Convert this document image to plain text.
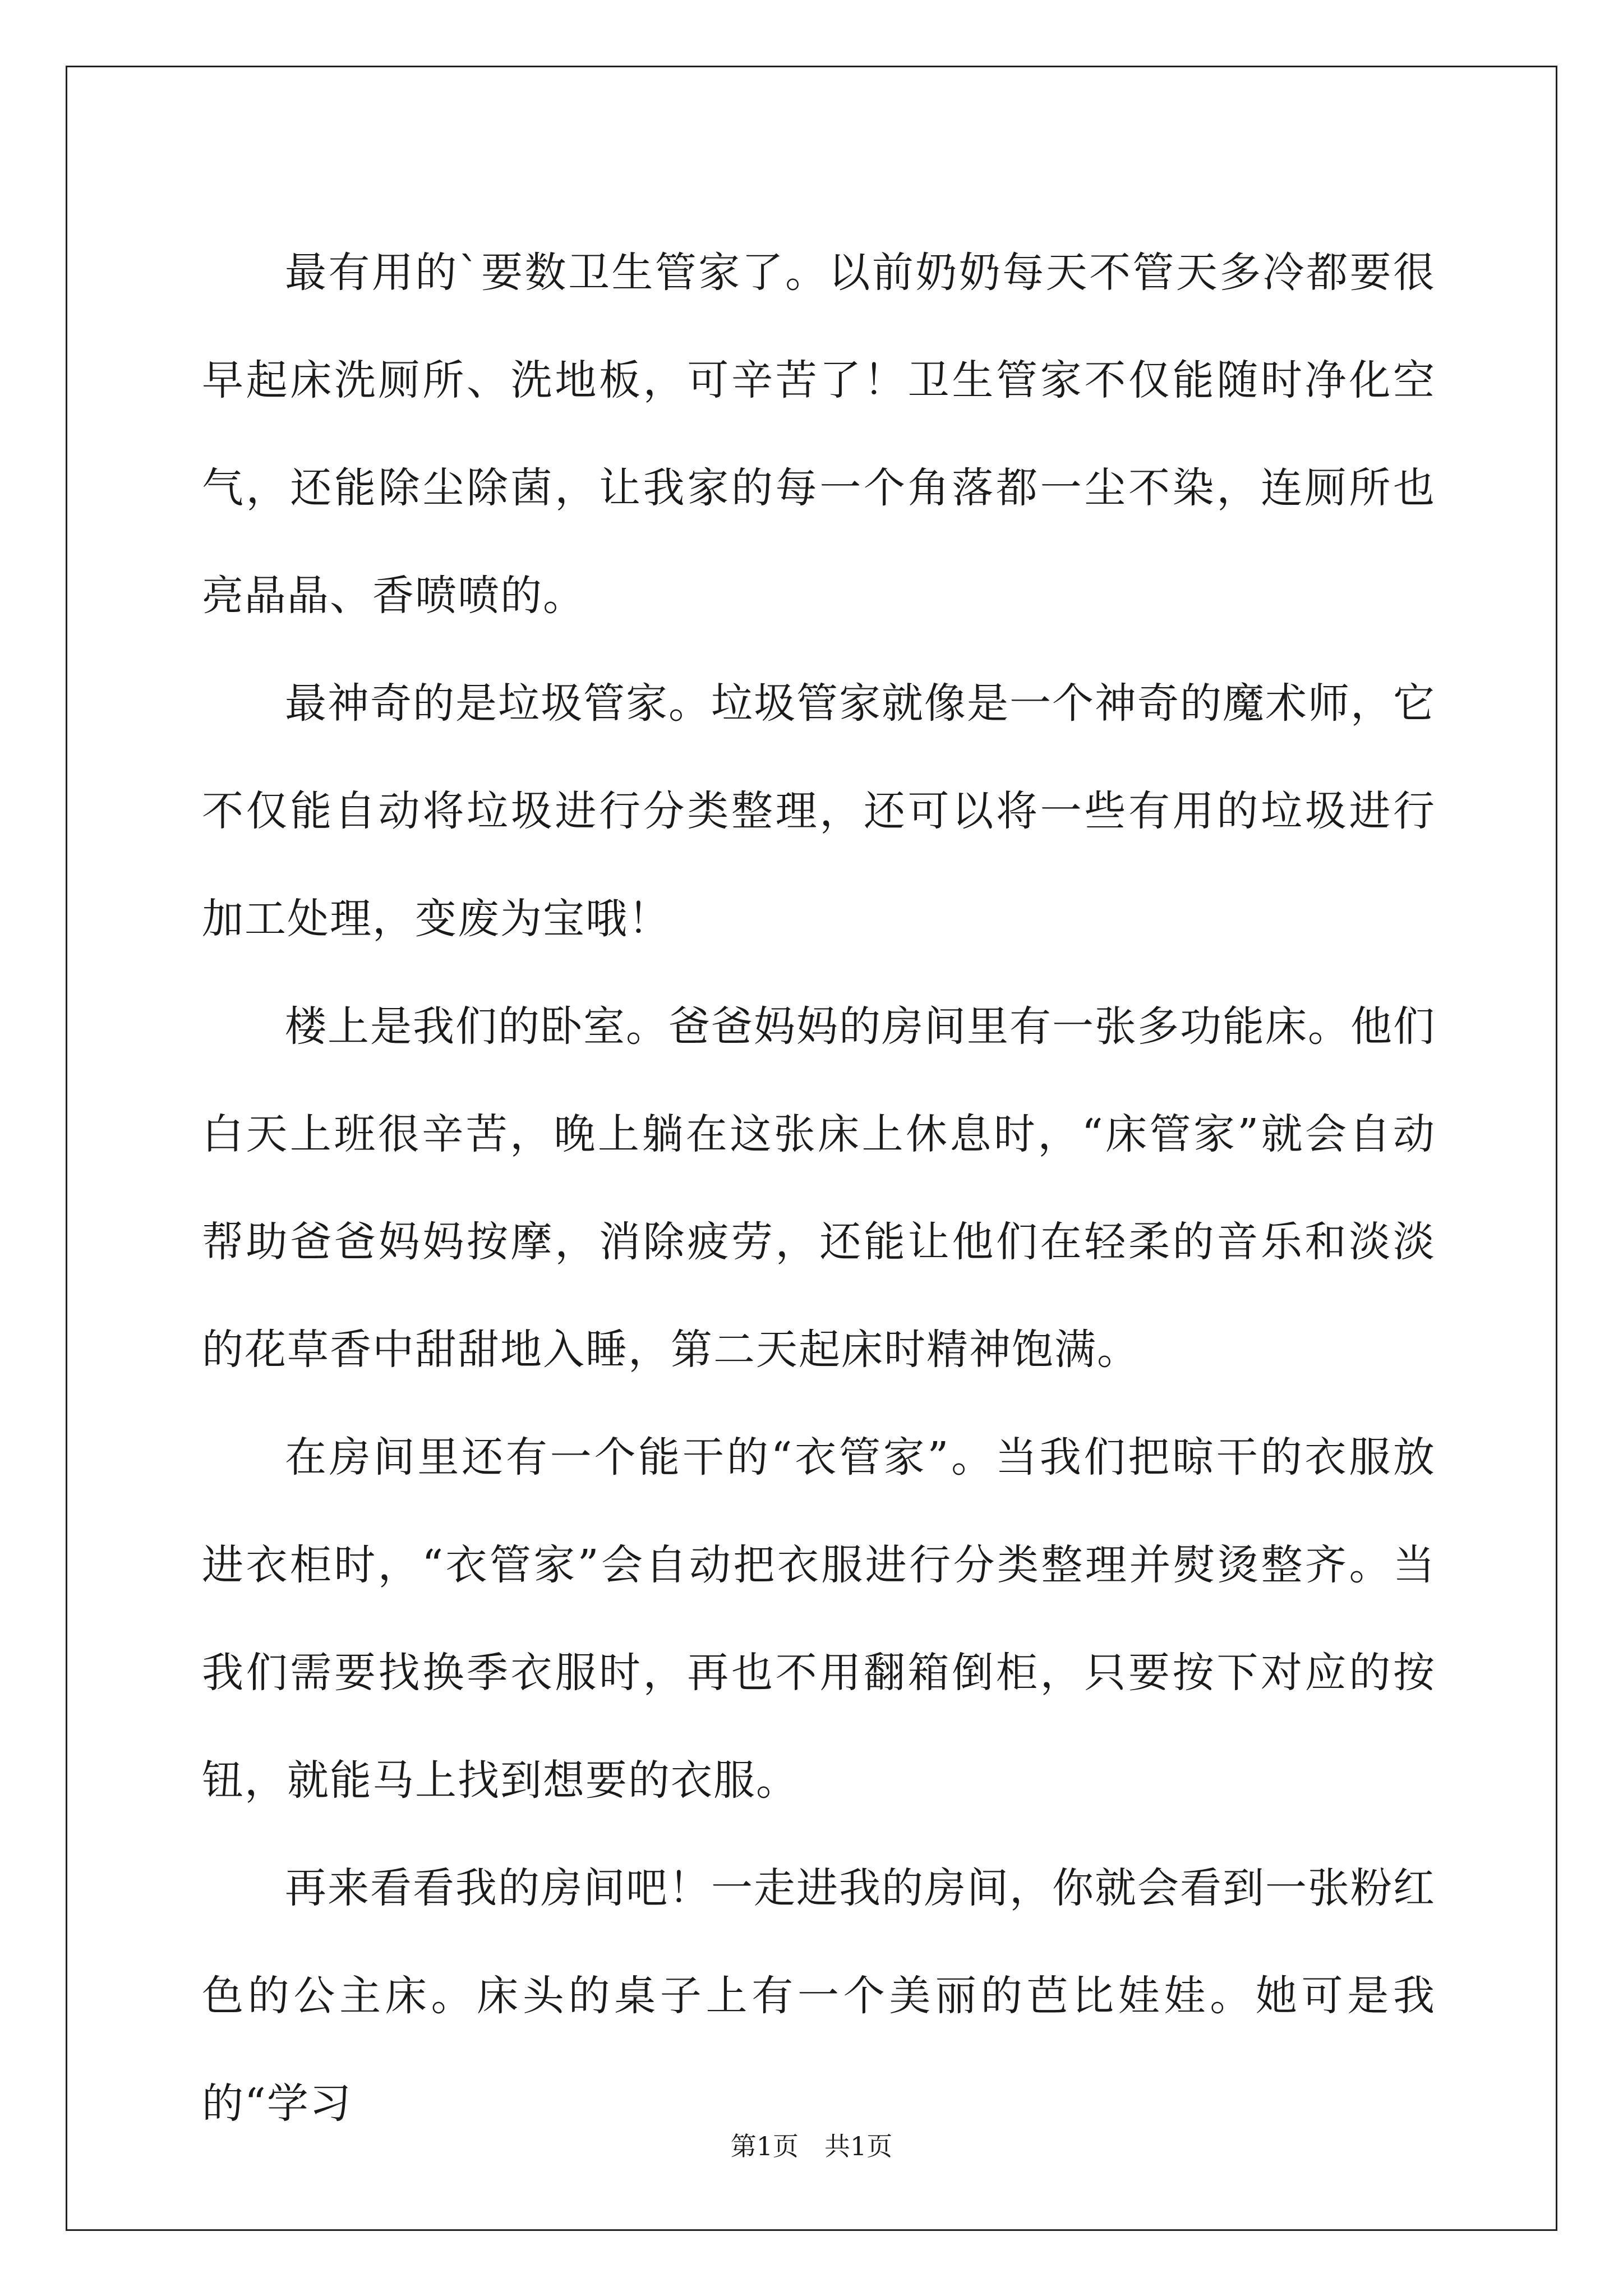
最有用的`要数卫生管家了。以前奶奶每天不管天多冷都要很早起床洗厕所、洗地板，可辛苦了！卫生管家不仅能随时净化空气，还能除尘除菌，让我家的每一个角落都一尘不染，连厕所也亮晶晶、香喷喷的。

最神奇的是垃圾管家。垃圾管家就像是一个神奇的魔术师，它不仅能自动将垃圾进行分类整理，还可以将一些有用的垃圾进行加工处理，变废为宝哦！

楼上是我们的卧室。爸爸妈妈的房间里有一张多功能床。他们白天上班很辛苦，晚上躺在这张床上休息时，“床管家”就会自动帮助爸爸妈妈按摩，消除疲劳，还能让他们在轻柔的音乐和淡淡的花草香中甜甜地入睡，第二天起床时精神饱满。

在房间里还有一个能干的“衣管家”。当我们把晾干的衣服放进衣柜时，“衣管家”会自动把衣服进行分类整理并熨烫整齐。当我们需要找换季衣服时，再也不用翻箱倒柜，只要按下对应的按钮，就能马上找到想要的衣服。

再来看看我的房间吧！一走进我的房间，你就会看到一张粉红色的公主床。床头的桌子上有一个美丽的芭比娃娃。她可是我的“学习

第1页　共1页
